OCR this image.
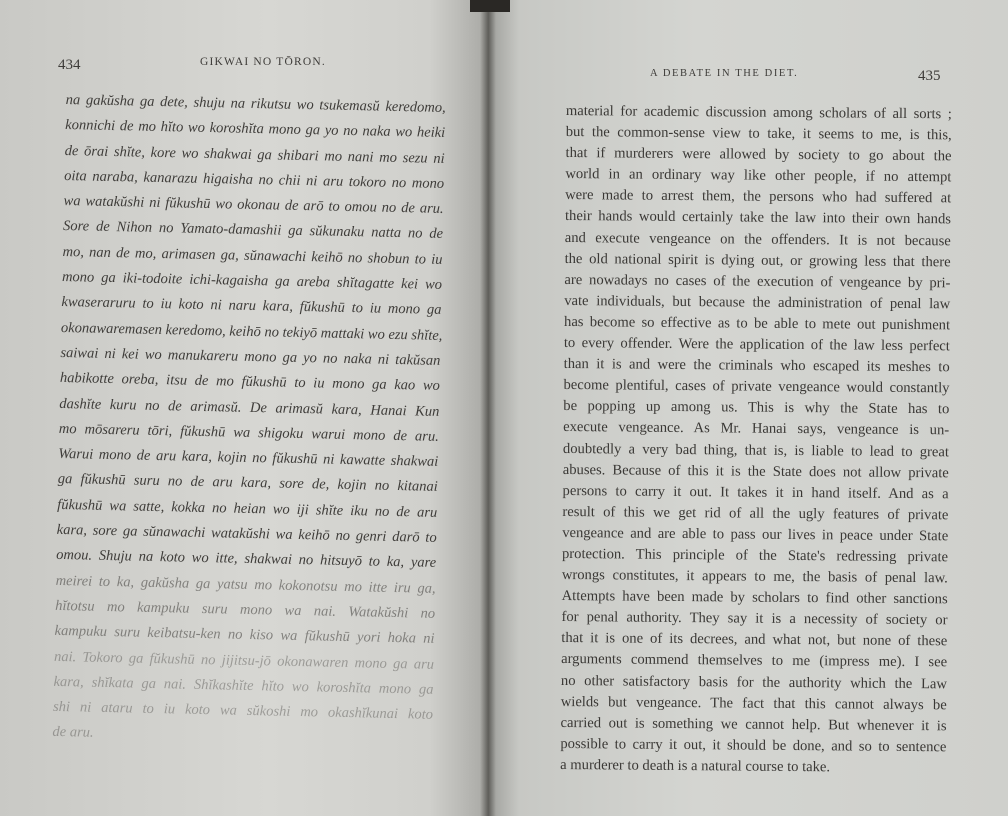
434	GIKWAI NO TŌRON.
A DEBATE IN THE DIET.	435
na gakŭsha ga dete, shuju na rikutsu wo tsukemasŭ keredomo,
konnichi de mo hĭto wo koroshĭta mono ga yo no naka wo heiki
de ōrai shĭte, kore wo shakwai ga shibari mo nani mo sezu ni
oita naraba, kanarazu higaisha no chii ni aru tokoro no mono
wa watakŭshi ni fŭkushū wo okonau de arō to omou no de aru.
Sore de Nihon no Yamato-damashii ga sŭkunaku natta no de
mo, nan de mo, arimasen ga, sŭnawachi keihō no shobun to iu
mono ga iki-todoite ichi-kagaisha ga areba shĭtagatte kei wo
kwaseraruru to iu koto ni naru kara, fŭkushū to iu mono ga
okonawaremasen keredomo, keihō no tekiyō mattaki wo ezu shĭte,
saiwai ni kei wo manukareru mono ga yo no naka ni takŭsan
habikotte oreba, itsu de mo fŭkushū to iu mono ga kao wo
dashĭte kuru no de arimasŭ. De arimasŭ kara, Hanai Kun
mo mōsareru tōri, fŭkushū wa shigoku warui mono de aru.
Warui mono de aru kara, kojin no fŭkushū ni kawatte shakwai
ga fŭkushū suru no de aru kara, sore de, kojin no kitanai
fŭkushū wa satte, kokka no heian wo iji shĭte iku no de aru
kara, sore ga sŭnawachi watakŭshi wa keihō no genri darō to
omou. Shuju na koto wo itte, shakwai no hitsuyō to ka, yare
meirei to ka, gakŭsha ga yatsu mo kokonotsu mo itte iru ga,
hĭtotsu mo kampuku suru mono wa nai. Watakŭshi no
kampuku suru keibatsu-ken no kiso wa fŭkushū yori hoka ni
nai. Tokoro ga fŭkushū no jijitsu-jō okonawaren mono ga aru
kara, shĭkata ga nai. Shĭkashĭte hĭto wo koroshĭta mono ga
shi ni ataru to iu koto wa sŭkoshi mo okashĭkunai koto
de aru.
material for academic discussion among scholars of all sorts ;
but the common-sense view to take, it seems to me, is this,
that if murderers were allowed by society to go about the
world in an ordinary way like other people, if no attempt
were made to arrest them, the persons who had suffered at
their hands would certainly take the law into their own hands
and execute vengeance on the offenders. It is not because
the old national spirit is dying out, or growing less that there
are nowadays no cases of the execution of vengeance by pri-
vate individuals, but because the administration of penal law
has become so effective as to be able to mete out punishment
to every offender. Were the application of the law less perfect
than it is and were the criminals who escaped its meshes to
become plentiful, cases of private vengeance would constantly
be popping up among us. This is why the State has to
execute vengeance. As Mr. Hanai says, vengeance is un-
doubtedly a very bad thing, that is, is liable to lead to great
abuses. Because of this it is the State does not allow private
persons to carry it out. It takes it in hand itself. And as a
result of this we get rid of all the ugly features of private
vengeance and are able to pass our lives in peace under State
protection. This principle of the State's redressing private
wrongs constitutes, it appears to me, the basis of penal law.
Attempts have been made by scholars to find other sanctions
for penal authority. They say it is a necessity of society or
that it is one of its decrees, and what not, but none of these
arguments commend themselves to me (impress me). I see
no other satisfactory basis for the authority which the Law
wields but vengeance. The fact that this cannot always be
carried out is something we cannot help. But whenever it is
possible to carry it out, it should be done, and so to sentence
a murderer to death is a natural course to take.
